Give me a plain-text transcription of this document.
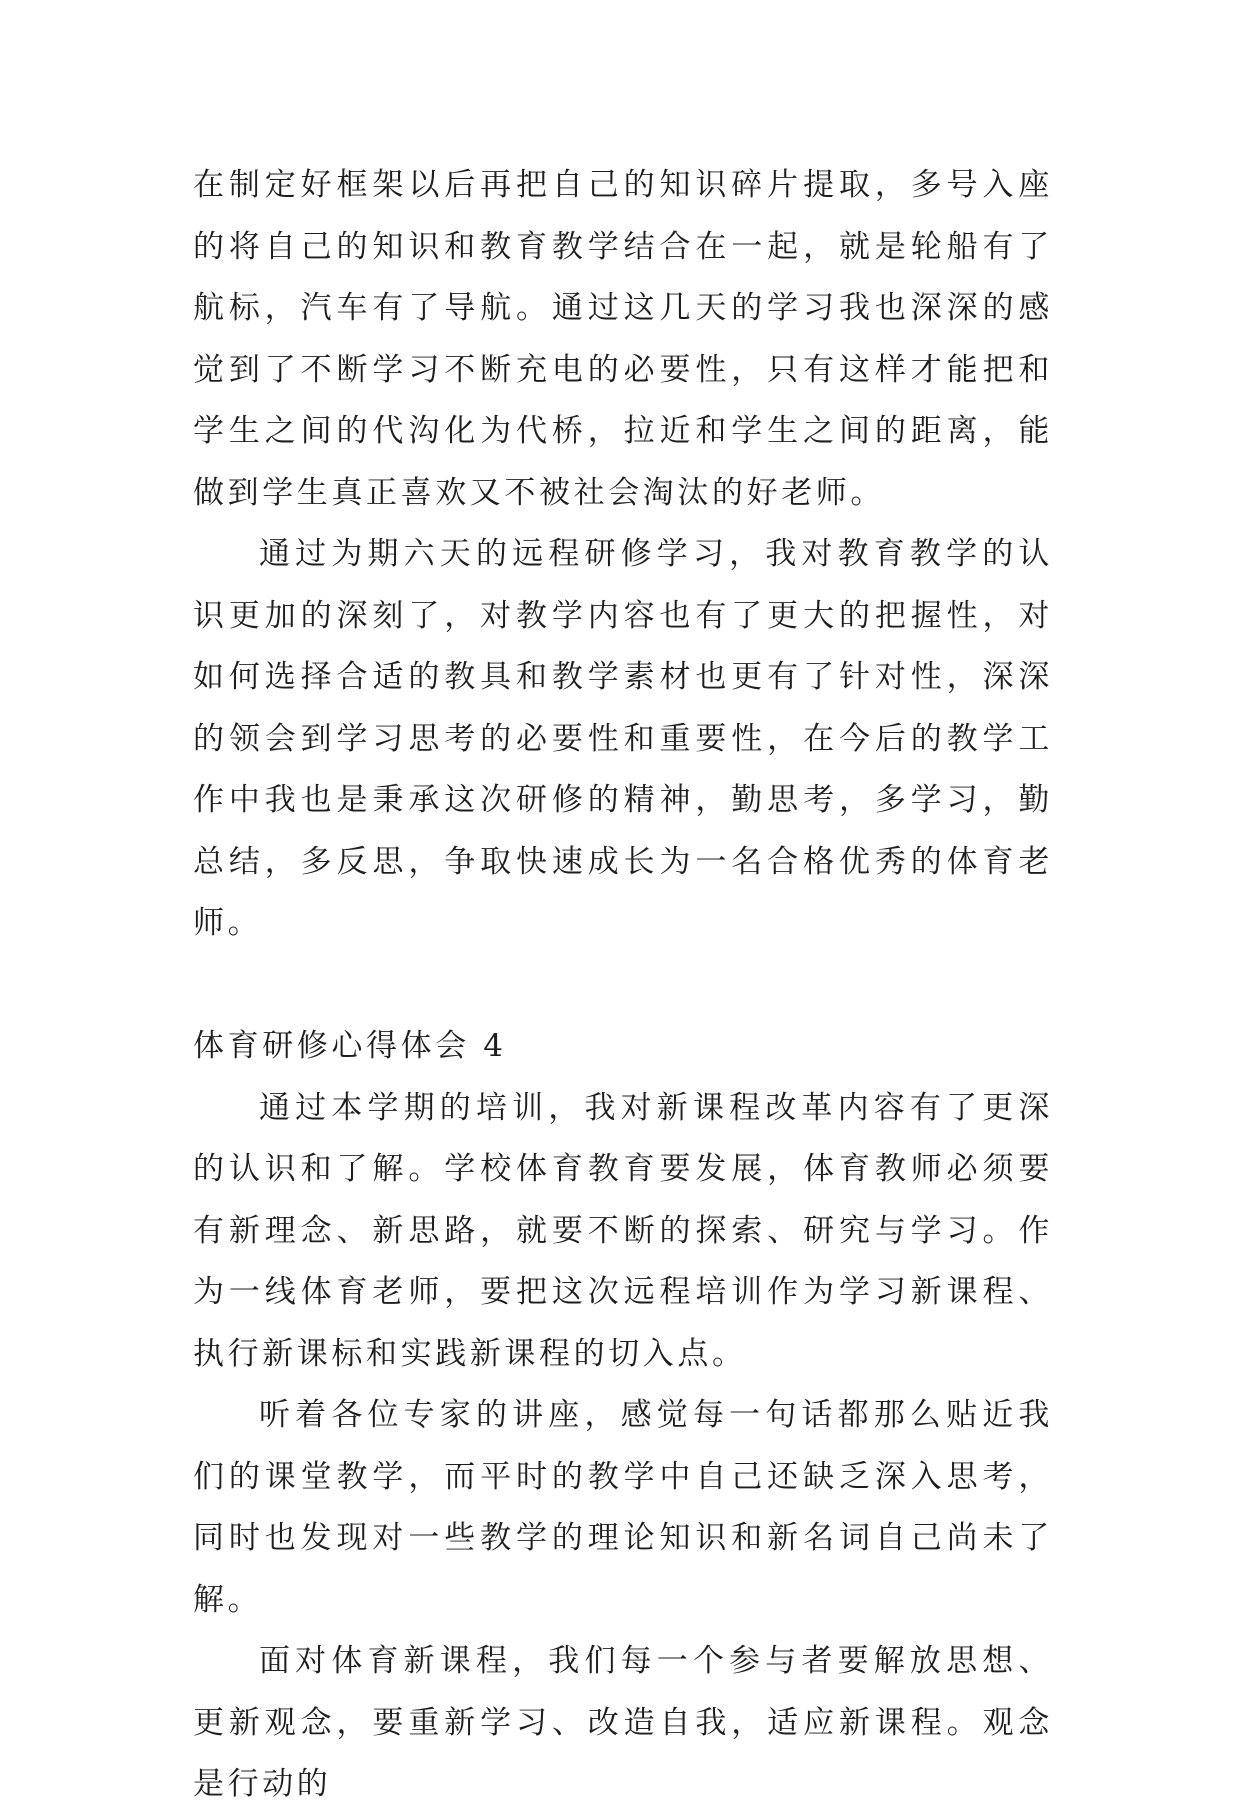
在制定好框架以后再把自己的知识碎片提取，多号入座的将自己的知识和教育教学结合在一起，就是轮船有了航标，汽车有了导航。通过这几天的学习我也深深的感觉到了不断学习不断充电的必要性，只有这样才能把和学生之间的代沟化为代桥，拉近和学生之间的距离，能做到学生真正喜欢又不被社会淘汰的好老师。

通过为期六天的远程研修学习，我对教育教学的认识更加的深刻了，对教学内容也有了更大的把握性，对如何选择合适的教具和教学素材也更有了针对性，深深的领会到学习思考的必要性和重要性，在今后的教学工作中我也是秉承这次研修的精神，勤思考，多学习，勤总结，多反思，争取快速成长为一名合格优秀的体育老师。

体育研修心得体会 4

通过本学期的培训，我对新课程改革内容有了更深的认识和了解。学校体育教育要发展，体育教师必须要有新理念、新思路，就要不断的探索、研究与学习。作为一线体育老师，要把这次远程培训作为学习新课程、执行新课标和实践新课程的切入点。

听着各位专家的讲座，感觉每一句话都那么贴近我们的课堂教学，而平时的教学中自己还缺乏深入思考，同时也发现对一些教学的理论知识和新名词自己尚未了解。

面对体育新课程，我们每一个参与者要解放思想、更新观念，要重新学习、改造自我，适应新课程。观念是行动的
